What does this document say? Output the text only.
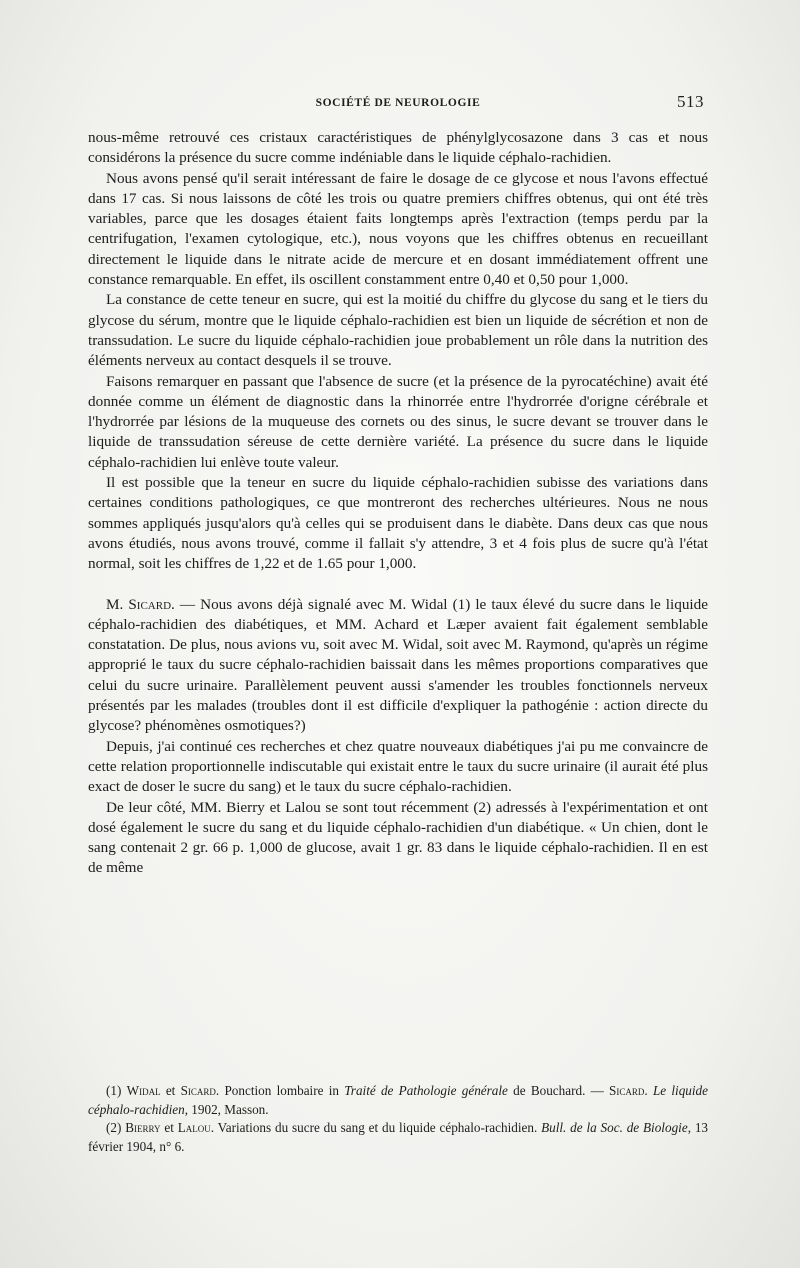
SOCIÉTÉ DE NEUROLOGIE	513

nous-même retrouvé ces cristaux caractéristiques de phénylglycosazone dans 3 cas et nous considérons la présence du sucre comme indéniable dans le liquide céphalo-rachidien.

Nous avons pensé qu'il serait intéressant de faire le dosage de ce glycose et nous l'avons effectué dans 17 cas. Si nous laissons de côté les trois ou quatre premiers chiffres obtenus, qui ont été très variables, parce que les dosages étaient faits longtemps après l'extraction (temps perdu par la centrifugation, l'examen cytologique, etc.), nous voyons que les chiffres obtenus en recueillant directement le liquide dans le nitrate acide de mercure et en dosant immédiatement offrent une constance remarquable. En effet, ils oscillent constamment entre 0,40 et 0,50 pour 1,000.

La constance de cette teneur en sucre, qui est la moitié du chiffre du glycose du sang et le tiers du glycose du sérum, montre que le liquide céphalo-rachidien est bien un liquide de sécrétion et non de transsudation. Le sucre du liquide céphalo-rachidien joue probablement un rôle dans la nutrition des éléments nerveux au contact desquels il se trouve.

Faisons remarquer en passant que l'absence de sucre (et la présence de la pyrocatéchine) avait été donnée comme un élément de diagnostic dans la rhinorrée entre l'hydrorrée d'origne cérébrale et l'hydrorrée par lésions de la muqueuse des cornets ou des sinus, le sucre devant se trouver dans le liquide de transsudation séreuse de cette dernière variété. La présence du sucre dans le liquide céphalo-rachidien lui enlève toute valeur.

Il est possible que la teneur en sucre du liquide céphalo-rachidien subisse des variations dans certaines conditions pathologiques, ce que montreront des recherches ultérieures. Nous ne nous sommes appliqués jusqu'alors qu'à celles qui se produisent dans le diabète. Dans deux cas que nous avons étudiés, nous avons trouvé, comme il fallait s'y attendre, 3 et 4 fois plus de sucre qu'à l'état normal, soit les chiffres de 1,22 et de 1.65 pour 1,000.

M. Sicard. — Nous avons déjà signalé avec M. Widal (1) le taux élevé du sucre dans le liquide céphalo-rachidien des diabétiques, et MM. Achard et Læper avaient fait également semblable constatation. De plus, nous avions vu, soit avec M. Widal, soit avec M. Raymond, qu'après un régime approprié le taux du sucre céphalo-rachidien baissait dans les mêmes proportions comparatives que celui du sucre urinaire. Parallèlement peuvent aussi s'amender les troubles fonctionnels nerveux présentés par les malades (troubles dont il est difficile d'expliquer la pathogénie : action directe du glycose? phénomènes osmotiques?)

Depuis, j'ai continué ces recherches et chez quatre nouveaux diabétiques j'ai pu me convaincre de cette relation proportionnelle indiscutable qui existait entre le taux du sucre urinaire (il aurait été plus exact de doser le sucre du sang) et le taux du sucre céphalo-rachidien.

De leur côté, MM. Bierry et Lalou se sont tout récemment (2) adressés à l'expérimentation et ont dosé également le sucre du sang et du liquide céphalo-rachidien d'un diabétique. « Un chien, dont le sang contenait 2 gr. 66 p. 1,000 de glucose, avait 1 gr. 83 dans le liquide céphalo-rachidien. Il en est de même

(1) Widal et Sicard. Ponction lombaire in Traité de Pathologie générale de Bouchard. — Sicard. Le liquide céphalo-rachidien, 1902, Masson.

(2) Bierry et Lalou. Variations du sucre du sang et du liquide céphalo-rachidien. Bull. de la Soc. de Biologie, 13 février 1904, n° 6.
